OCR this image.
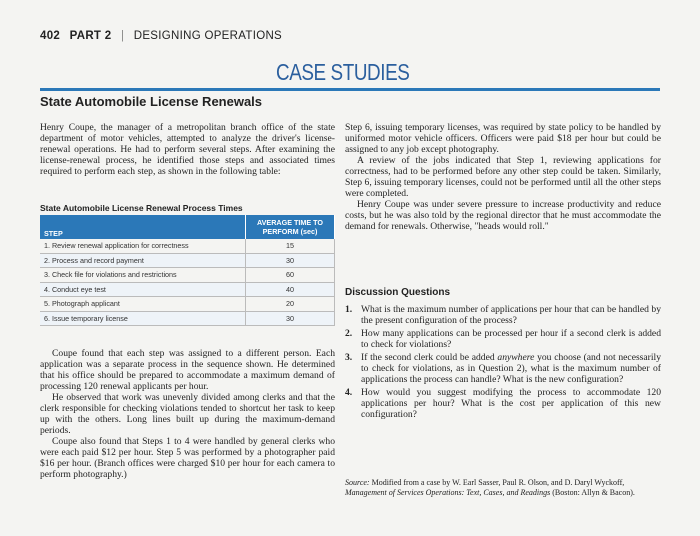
402 PART 2 | DESIGNING OPERATIONS
CASE STUDIES
State Automobile License Renewals

Henry Coupe, the manager of a metropolitan branch office of the state department of motor vehicles, attempted to analyze the driver's license-renewal operations. He had to perform several steps. After examining the license-renewal process, he identified those steps and associated times required to perform each step, as shown in the following table:

State Automobile License Renewal Process Times
STEP	AVERAGE TIME TO PERFORM (sec)
1. Review renewal application for correctness	15
2. Process and record payment	30
3. Check file for violations and restrictions	60
4. Conduct eye test	40
5. Photograph applicant	20
6. Issue temporary license	30

Coupe found that each step was assigned to a different person. Each application was a separate process in the sequence shown. He determined that his office should be prepared to accommodate a maximum demand of processing 120 renewal applicants per hour.

He observed that work was unevenly divided among clerks and that the clerk responsible for checking violations tended to shortcut her task to keep up with the others. Long lines built up during the maximum-demand periods.

Coupe also found that Steps 1 to 4 were handled by general clerks who were each paid $12 per hour. Step 5 was performed by a photographer paid $16 per hour. (Branch offices were charged $10 per hour for each camera to perform photography.)

Step 6, issuing temporary licenses, was required by state policy to be handled by uniformed motor vehicle officers. Officers were paid $18 per hour but could be assigned to any job except photography.

A review of the jobs indicated that Step 1, reviewing applications for correctness, had to be performed before any other step could be taken. Similarly, Step 6, issuing temporary licenses, could not be performed until all the other steps were completed.

Henry Coupe was under severe pressure to increase productivity and reduce costs, but he was also told by the regional director that he must accommodate the demand for renewals. Otherwise, "heads would roll."

Discussion Questions
1. What is the maximum number of applications per hour that can be handled by the present configuration of the process?
2. How many applications can be processed per hour if a second clerk is added to check for violations?
3. If the second clerk could be added anywhere you choose (and not necessarily to check for violations, as in Question 2), what is the maximum number of applications the process can handle? What is the new configuration?
4. How would you suggest modifying the process to accommodate 120 applications per hour? What is the cost per application of this new configuration?
Source: Modified from a case by W. Earl Sasser, Paul R. Olson, and D. Daryl Wyckoff, Management of Services Operations: Text, Cases, and Readings (Boston: Allyn & Bacon).
